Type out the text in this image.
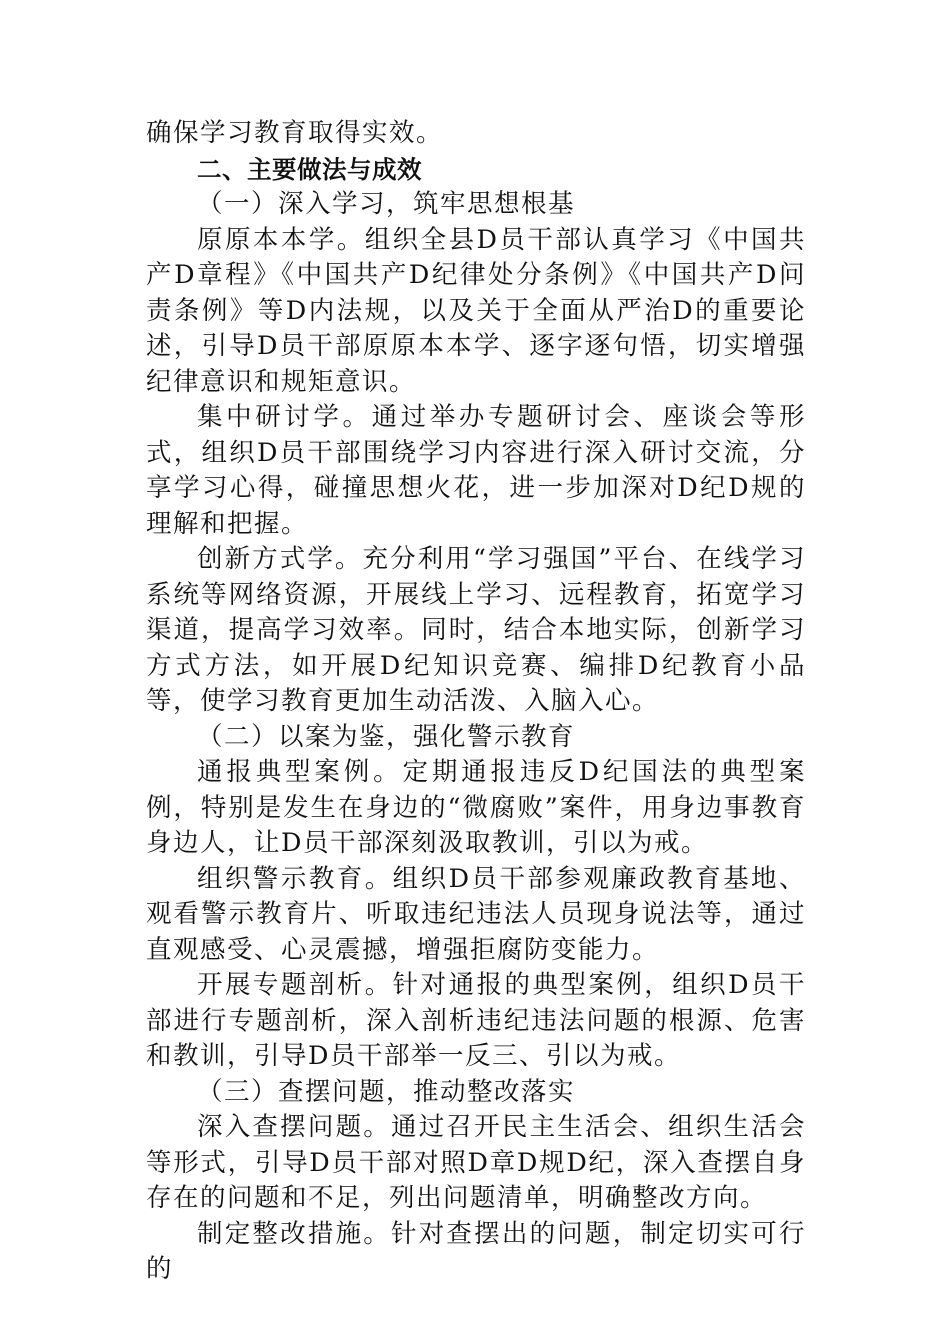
确保学习教育取得实效。

二、主要做法与成效

（一）深入学习，筑牢思想根基

原原本本学。组织全县D员干部认真学习《中国共产D章程》《中国共产D纪律处分条例》《中国共产D问责条例》等D内法规，以及关于全面从严治D的重要论述，引导D员干部原原本本学、逐字逐句悟，切实增强纪律意识和规矩意识。

集中研讨学。通过举办专题研讨会、座谈会等形式，组织D员干部围绕学习内容进行深入研讨交流，分享学习心得，碰撞思想火花，进一步加深对D纪D规的理解和把握。

创新方式学。充分利用“学习强国”平台、在线学习系统等网络资源，开展线上学习、远程教育，拓宽学习渠道，提高学习效率。同时，结合本地实际，创新学习方式方法，如开展D纪知识竞赛、编排D纪教育小品等，使学习教育更加生动活泼、入脑入心。

（二）以案为鉴，强化警示教育

通报典型案例。定期通报违反D纪国法的典型案例，特别是发生在身边的“微腐败”案件，用身边事教育身边人，让D员干部深刻汲取教训，引以为戒。

组织警示教育。组织D员干部参观廉政教育基地、观看警示教育片、听取违纪违法人员现身说法等，通过直观感受、心灵震撼，增强拒腐防变能力。

开展专题剖析。针对通报的典型案例，组织D员干部进行专题剖析，深入剖析违纪违法问题的根源、危害和教训，引导D员干部举一反三、引以为戒。

（三）查摆问题，推动整改落实

深入查摆问题。通过召开民主生活会、组织生活会等形式，引导D员干部对照D章D规D纪，深入查摆自身存在的问题和不足，列出问题清单，明确整改方向。

制定整改措施。针对查摆出的问题，制定切实可行的
